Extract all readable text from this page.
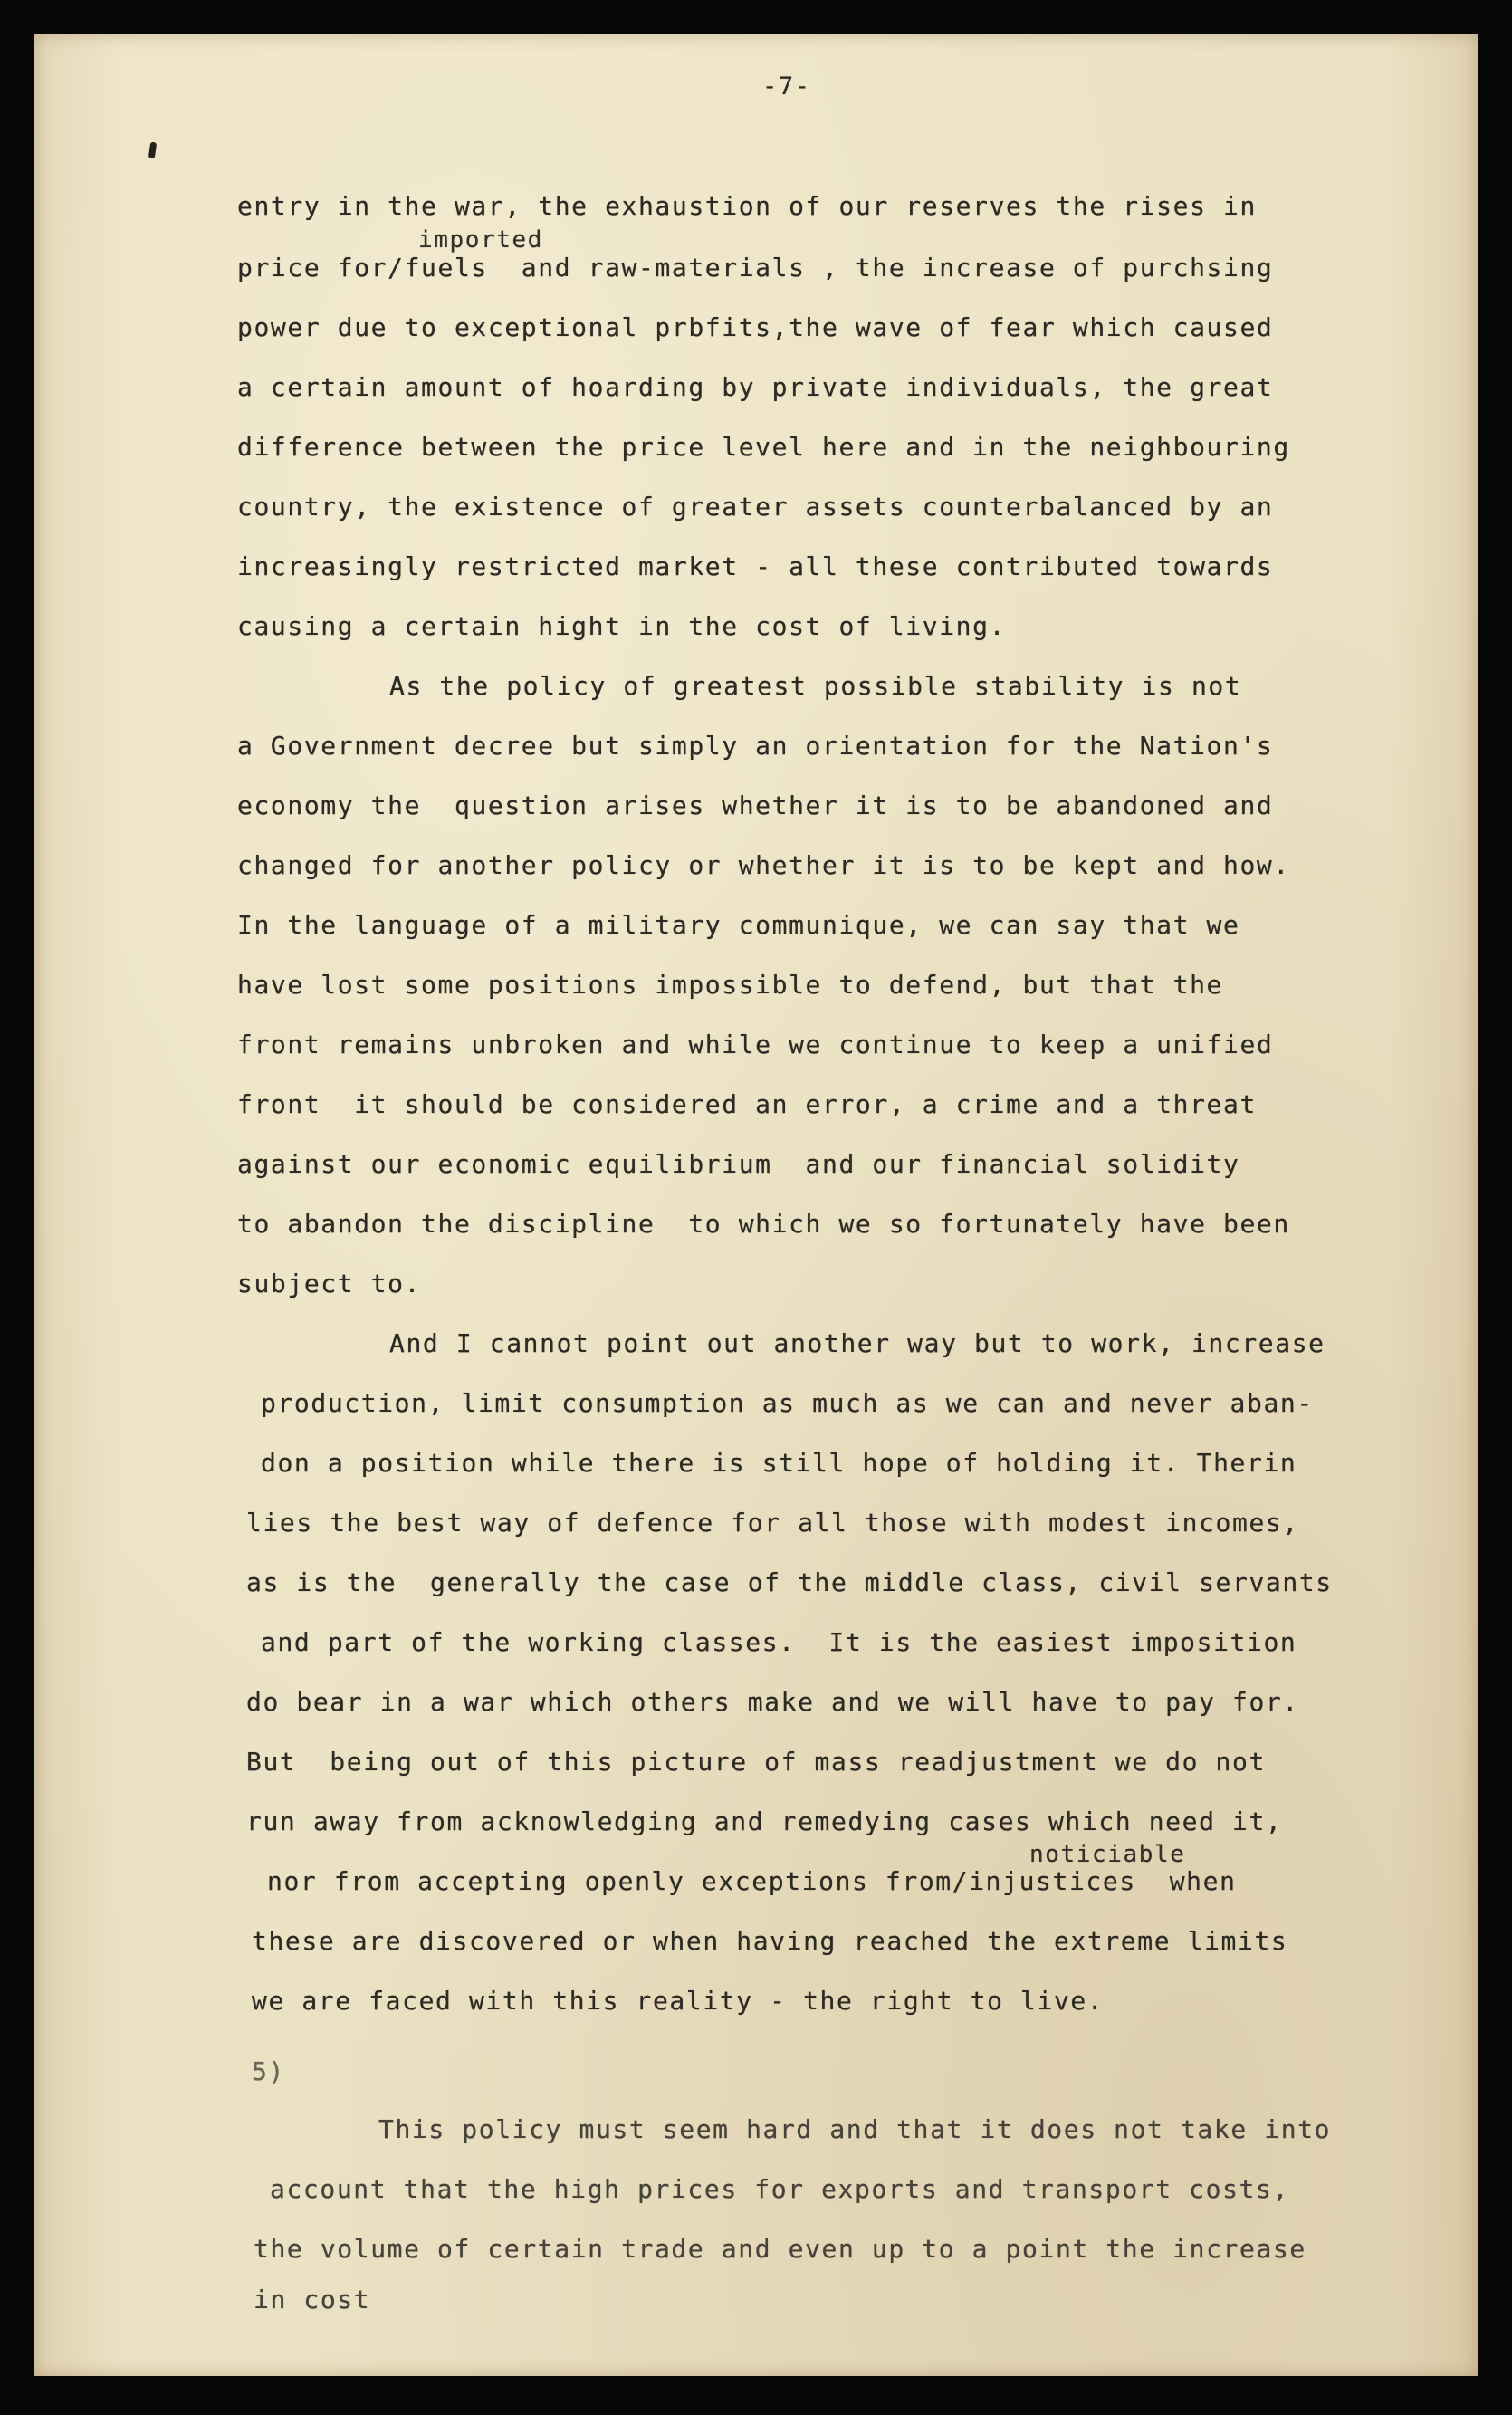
-7-

imported

noticiable

entry in the war, the exhaustion of our reserves the rises in

price for/fuels  and raw-materials , the increase of purchsing

power due to exceptional prbfits,the wave of fear which caused

a certain amount of hoarding by private individuals, the great

difference between the price level here and in the neighbouring

country, the existence of greater assets counterbalanced by an

increasingly restricted market - all these contributed towards

causing a certain hight in the cost of living.

As the policy of greatest possible stability is not

a Government decree but simply an orientation for the Nation's

economy the  question arises whether it is to be abandoned and

changed for another policy or whether it is to be kept and how.

In the language of a military communique, we can say that we

have lost some positions impossible to defend, but that the

front remains unbroken and while we continue to keep a unified

front  it should be considered an error, a crime and a threat

against our economic equilibrium  and our financial solidity

to abandon the discipline  to which we so fortunately have been

subject to.

And I cannot point out another way but to work, increase

production, limit consumption as much as we can and never aban-

don a position while there is still hope of holding it. Therin

lies the best way of defence for all those with modest incomes,

as is the  generally the case of the middle class, civil servants

and part of the working classes.  It is the easiest imposition

do bear in a war which others make and we will have to pay for.

But  being out of this picture of mass readjustment we do not

run away from acknowledging and remedying cases which need it,

nor from accepting openly exceptions from/injustices  when

these are discovered or when having reached the extreme limits

we are faced with this reality - the right to live.

5)

This policy must seem hard and that it does not take into

account that the high prices for exports and transport costs,

the volume of certain trade and even up to a point the increase

in cost
